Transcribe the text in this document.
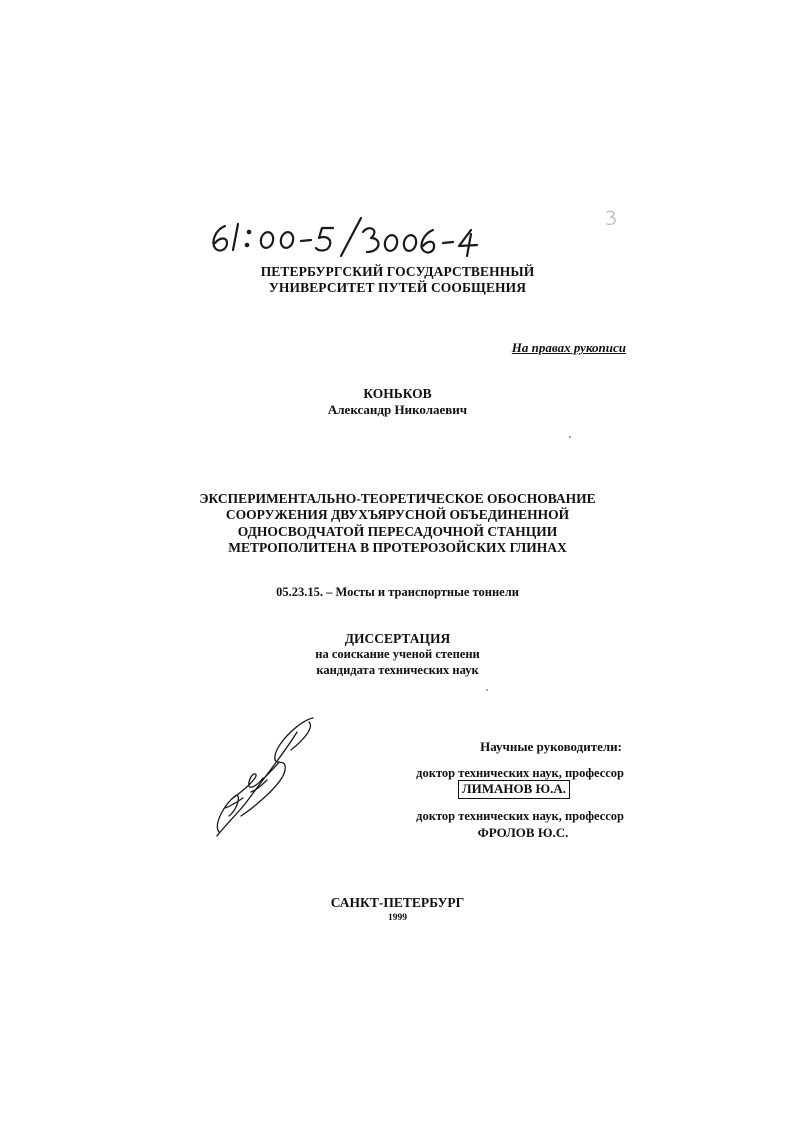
ПЕТЕРБУРГСКИЙ ГОСУДАРСТВЕННЫЙ
УНИВЕРСИТЕТ ПУТЕЙ СООБЩЕНИЯ
На правах рукописи
КОНЬКОВ
Александр Николаевич
ЭКСПЕРИМЕНТАЛЬНО-ТЕОРЕТИЧЕСКОЕ ОБОСНОВАНИЕ
СООРУЖЕНИЯ ДВУХЪЯРУСНОЙ ОБЪЕДИНЕННОЙ
ОДНОСВОДЧАТОЙ ПЕРЕСАДОЧНОЙ СТАНЦИИ
МЕТРОПОЛИТЕНА В ПРОТЕРОЗОЙСКИХ ГЛИНАХ
05.23.15. – Мосты и транспортные тоннели
ДИССЕРТАЦИЯ
на соискание ученой степени
кандидата технических наук
Научные руководители:
доктор технических наук, профессор
ЛИМАНОВ Ю.А.
доктор технических наук, профессор
ФРОЛОВ Ю.С.
САНКТ-ПЕТЕРБУРГ
1999
